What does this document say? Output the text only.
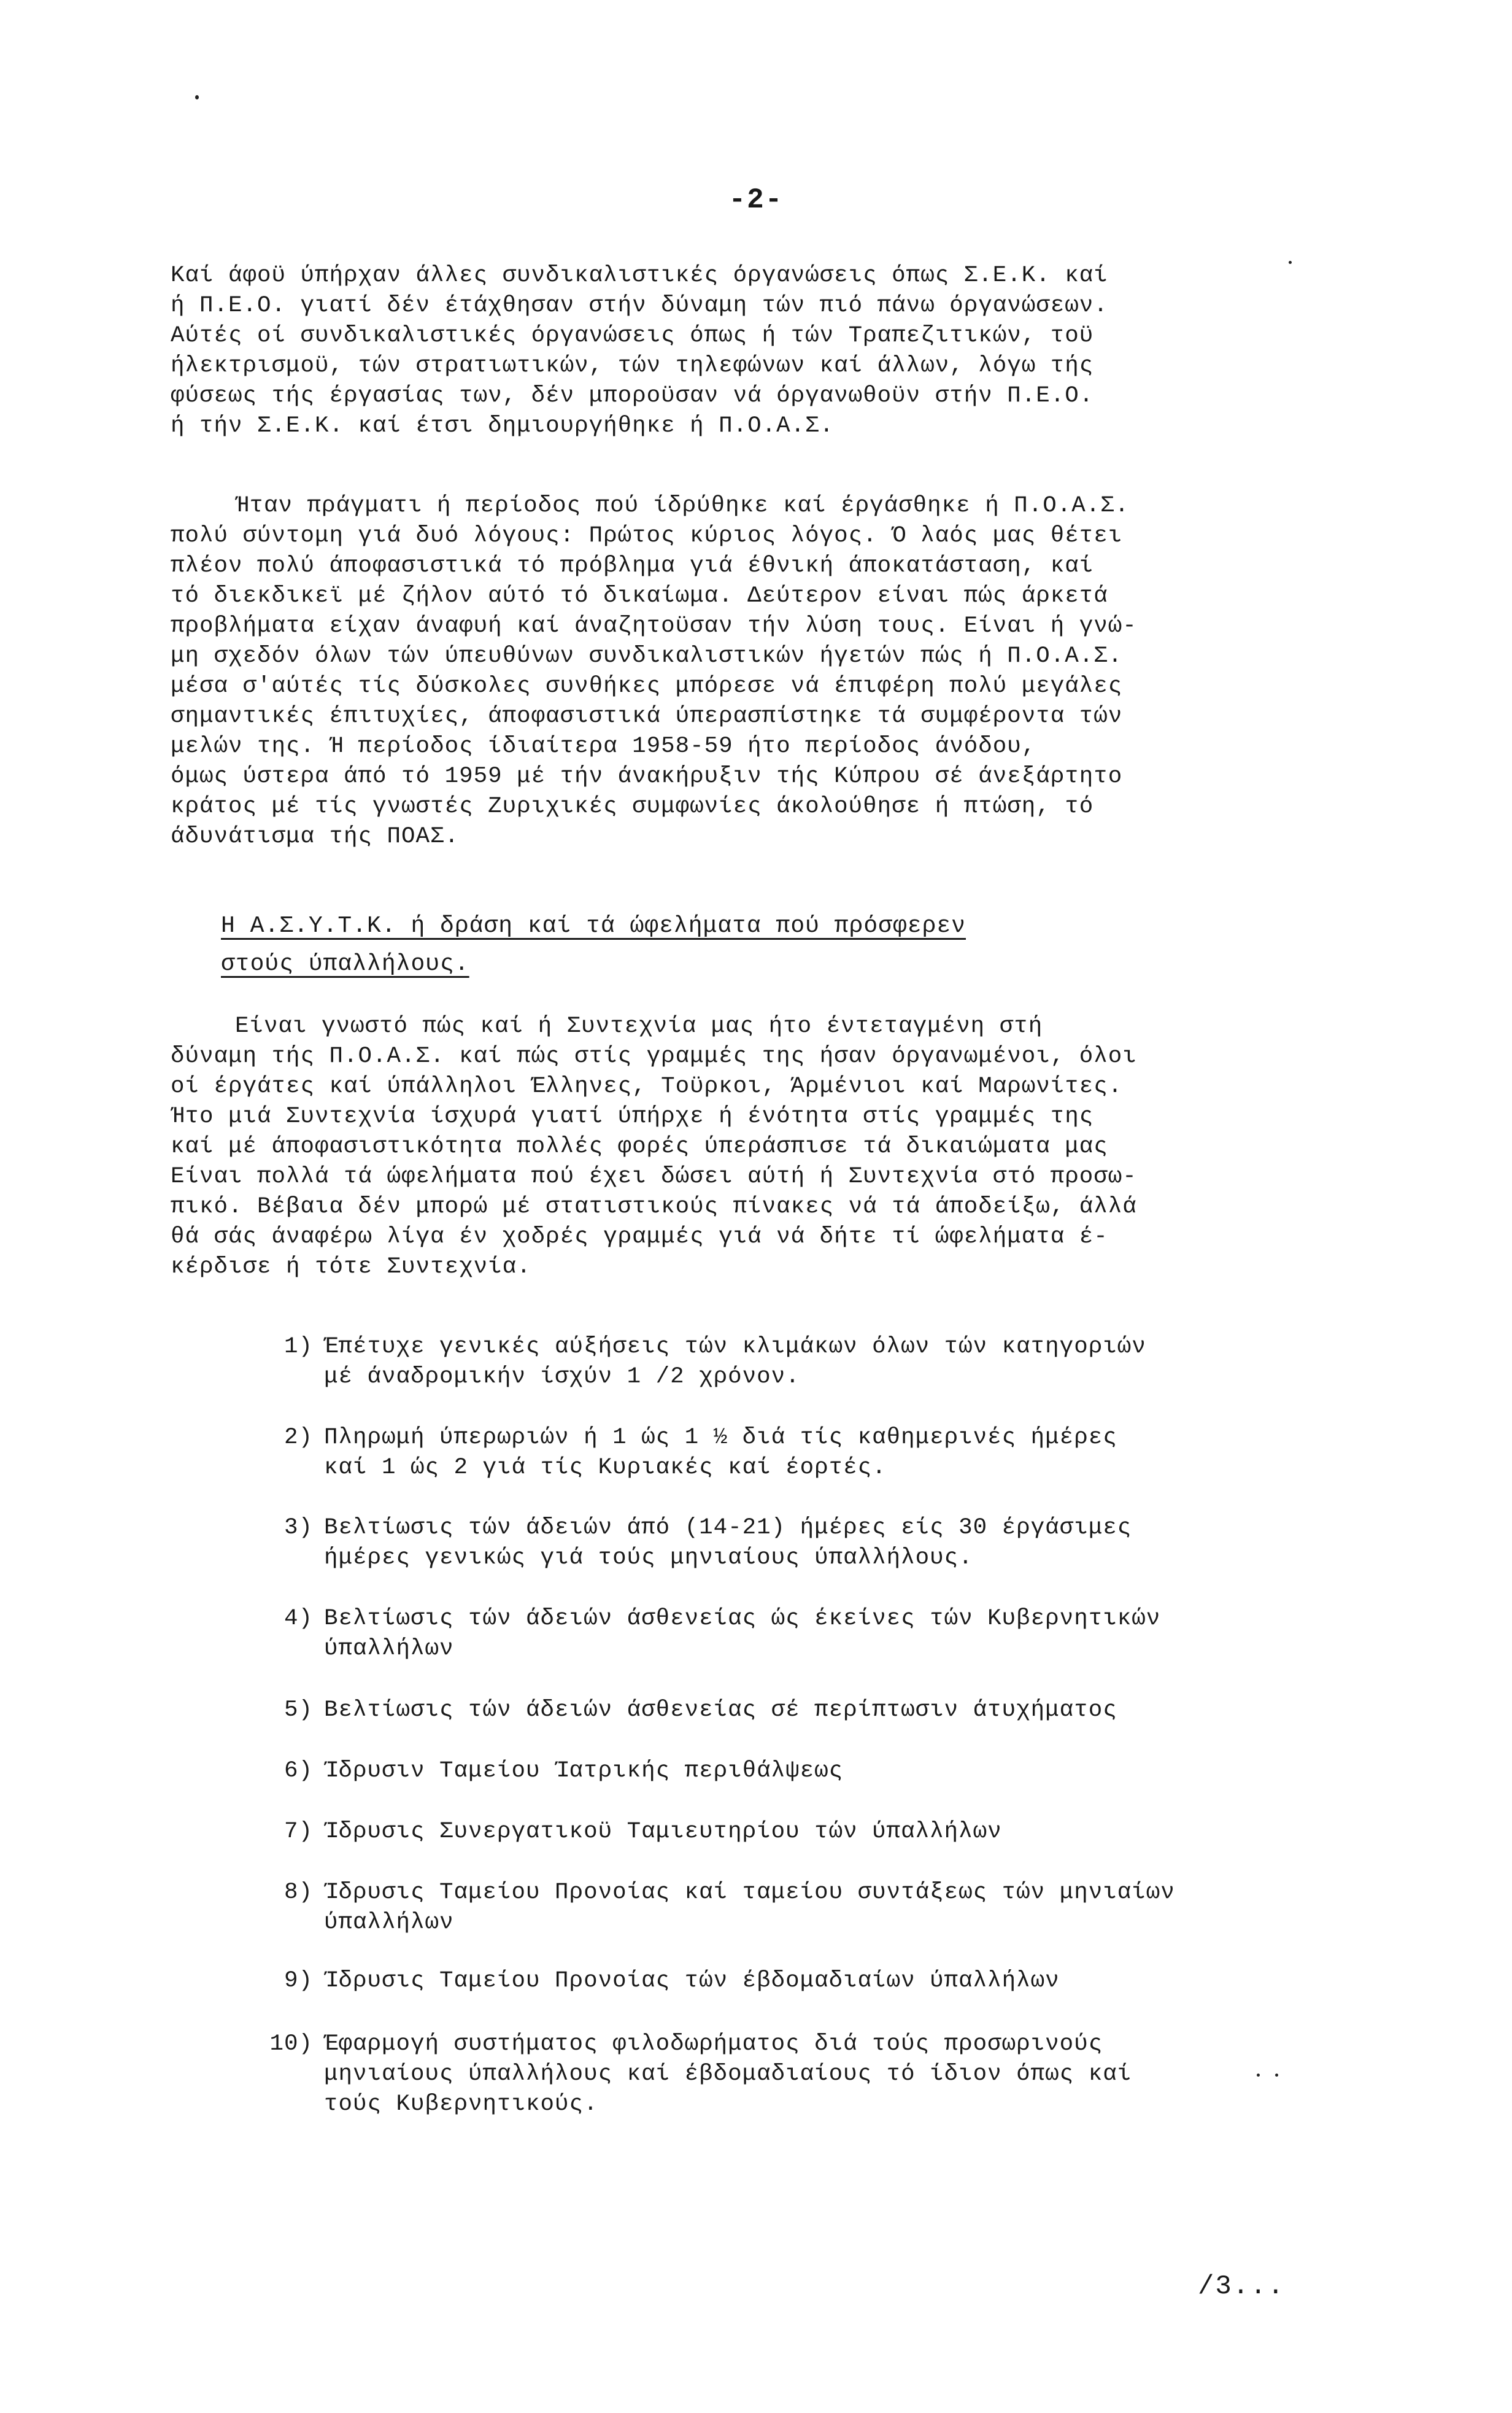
-2-
Καί άφοϋ ύπήρχαν άλλες συνδικαλιστικές όργανώσεις όπως Σ.Ε.Κ. καί
ή Π.Ε.Ο. γιατί δέν έτάχθησαν στήν δύναμη τών πιό πάνω όργανώσεων.
Αύτές οί συνδικαλιστικές όργανώσεις όπως ή τών Τραπεζιτικών, τοϋ
ήλεκτρισμοϋ, τών στρατιωτικών, τών τηλεφώνων καί άλλων, λόγω τής
φύσεως τής έργασίας των, δέν μποροϋσαν νά όργανωθοϋν στήν Π.Ε.Ο.
ή τήν Σ.Ε.Κ. καί έτσι δημιουργήθηκε ή Π.Ο.Α.Σ.
Ήταν πράγματι ή περίοδος πού ίδρύθηκε καί έργάσθηκε ή Π.Ο.Α.Σ.
πολύ σύντομη γιά δυό λόγους: Πρώτος κύριος λόγος. Ό λαός μας θέτει
πλέον πολύ άποφασιστικά τό πρόβλημα γιά έθνική άποκατάσταση, καί
τό διεκδικεϊ μέ ζήλον αύτό τό δικαίωμα. Δεύτερον είναι πώς άρκετά
προβλήματα είχαν άναφυή καί άναζητοϋσαν τήν λύση τους. Είναι ή γνώ-
μη σχεδόν όλων τών ύπευθύνων συνδικαλιστικών ήγετών πώς ή Π.Ο.Α.Σ.
μέσα σ'αύτές τίς δύσκολες συνθήκες μπόρεσε νά έπιφέρη πολύ μεγάλες
σημαντικές έπιτυχίες, άποφασιστικά ύπερασπίστηκε τά συμφέροντα τών
μελών της. Ή περίοδος ίδιαίτερα 1958-59 ήτο περίοδος άνόδου,
όμως ύστερα άπό τό 1959 μέ τήν άνακήρυξιν τής Κύπρου σέ άνεξάρτητο
κράτος μέ τίς γνωστές Ζυριχικές συμφωνίες άκολούθησε ή πτώση, τό
άδυνάτισμα τής ΠΟΑΣ.
Η Α.Σ.Υ.Τ.Κ. ή δράση καί τά ώφελήματα πού πρόσφερεν
στούς ύπαλλήλους.
Είναι γνωστό πώς καί ή Συντεχνία μας ήτο έντεταγμένη στή
δύναμη τής Π.Ο.Α.Σ. καί πώς στίς γραμμές της ήσαν όργανωμένοι, όλοι
οί έργάτες καί ύπάλληλοι Έλληνες, Τοϋρκοι, Άρμένιοι καί Μαρωνίτες.
Ήτο μιά Συντεχνία ίσχυρά γιατί ύπήρχε ή ένότητα στίς γραμμές της
καί μέ άποφασιστικότητα πολλές φορές ύπεράσπισε τά δικαιώματα μας
Είναι πολλά τά ώφελήματα πού έχει δώσει αύτή ή Συντεχνία στό προσω-
πικό. Βέβαια δέν μπορώ μέ στατιστικούς πίνακες νά τά άποδείξω, άλλά
θά σάς άναφέρω λίγα έν χοδρές γραμμές γιά νά δήτε τί ώφελήματα έ-
κέρδισε ή τότε Συντεχνία.
1) Έπέτυχε γενικές αύξήσεις τών κλιμάκων όλων τών κατηγοριών
μέ άναδρομικήν ίσχύν 1 /2 χρόνον.
2) Πληρωμή ύπερωριών ή 1 ώς 1 ½ διά τίς καθημερινές ήμέρες
καί 1 ώς 2 γιά τίς Κυριακές καί έορτές.
3) Βελτίωσις τών άδειών άπό (14-21) ήμέρες είς 30 έργάσιμες
ήμέρες γενικώς γιά τούς μηνιαίους ύπαλλήλους.
4) Βελτίωσις τών άδειών άσθενείας ώς έκείνες τών Κυβερνητικών
ύπαλλήλων
5) Βελτίωσις τών άδειών άσθενείας σέ περίπτωσιν άτυχήματος
6) Ίδρυσιν Ταμείου Ίατρικής περιθάλψεως
7) Ίδρυσις Συνεργατικοϋ Ταμιευτηρίου τών ύπαλλήλων
8) Ίδρυσις Ταμείου Προνοίας καί ταμείου συντάξεως τών μηνιαίων
ύπαλλήλων
9) Ίδρυσις Ταμείου Προνοίας τών έβδομαδιαίων ύπαλλήλων
10) Έφαρμογή συστήματος φιλοδωρήματος διά τούς προσωρινούς
μηνιαίους ύπαλλήλους καί έβδομαδιαίους τό ίδιον όπως καί
τούς Κυβερνητικούς.
/3...
